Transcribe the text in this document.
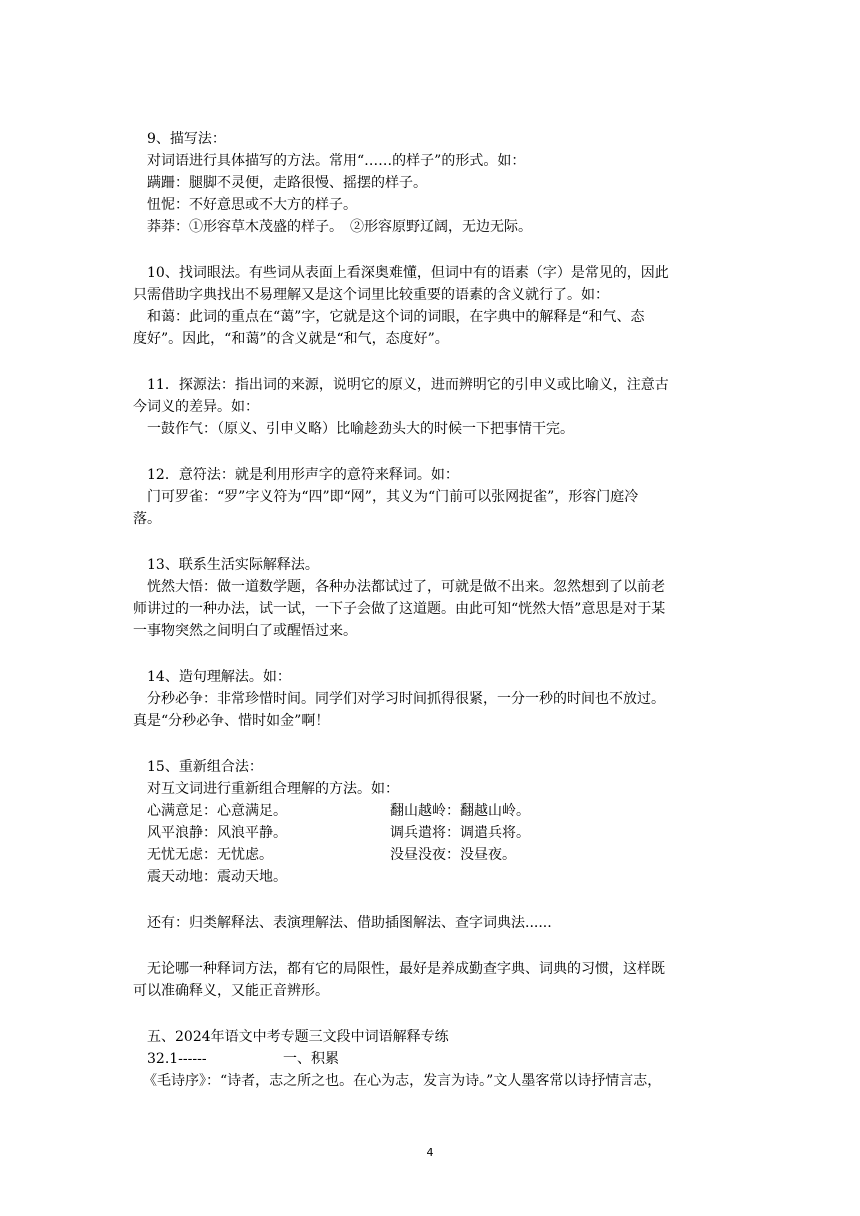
9、描写法：
对词语进行具体描写的方法。常用“……的样子”的形式。如：
蹒跚：腿脚不灵便，走路很慢、摇摆的样子。
忸怩：不好意思或不大方的样子。
莽莽：①形容草木茂盛的样子。　②形容原野辽阔，无边无际。
10、找词眼法。有些词从表面上看深奥难懂，但词中有的语素（字）是常见的，因此
只需借助字典找出不易理解又是这个词里比较重要的语素的含义就行了。如：
和蔼：此词的重点在“蔼”字，它就是这个词的词眼，在字典中的解释是“和气、态
度好”。因此，“和蔼”的含义就是“和气，态度好”。
11．探源法：指出词的来源，说明它的原义，进而辨明它的引申义或比喻义，注意古
今词义的差异。如：
一鼓作气：（原义、引申义略）比喻趁劲头大的时候一下把事情干完。
12．意符法：就是利用形声字的意符来释词。如：
门可罗雀：“罗”字义符为“四”即“网”，其义为“门前可以张网捉雀”，形容门庭冷
落。
13、联系生活实际解释法。
恍然大悟：做一道数学题，各种办法都试过了，可就是做不出来。忽然想到了以前老
师讲过的一种办法，试一试，一下子会做了这道题。由此可知“恍然大悟”意思是对于某
一事物突然之间明白了或醒悟过来。
14、造句理解法。如：
分秒必争：非常珍惜时间。同学们对学习时间抓得很紧，一分一秒的时间也不放过。
真是“分秒必争、惜时如金”啊！
15、重新组合法：
对互文词进行重新组合理解的方法。如：
心满意足：心意满足。	翻山越岭：翻越山岭。
风平浪静：风浪平静。	调兵遣将：调遣兵将。
无忧无虑：无忧虑。	没昼没夜：没昼夜。
震天动地：震动天地。
还有：归类解释法、表演理解法、借助插图解法、查字词典法......
无论哪一种释词方法，都有它的局限性，最好是养成勤查字典、词典的习惯，这样既
可以准确释义，又能正音辨形。
五、2024年语文中考专题三文段中词语解释专练
32.1------	一、积累
《毛诗序》：“诗者，志之所之也。在心为志，发言为诗。”文人墨客常以诗抒情言志，
4
